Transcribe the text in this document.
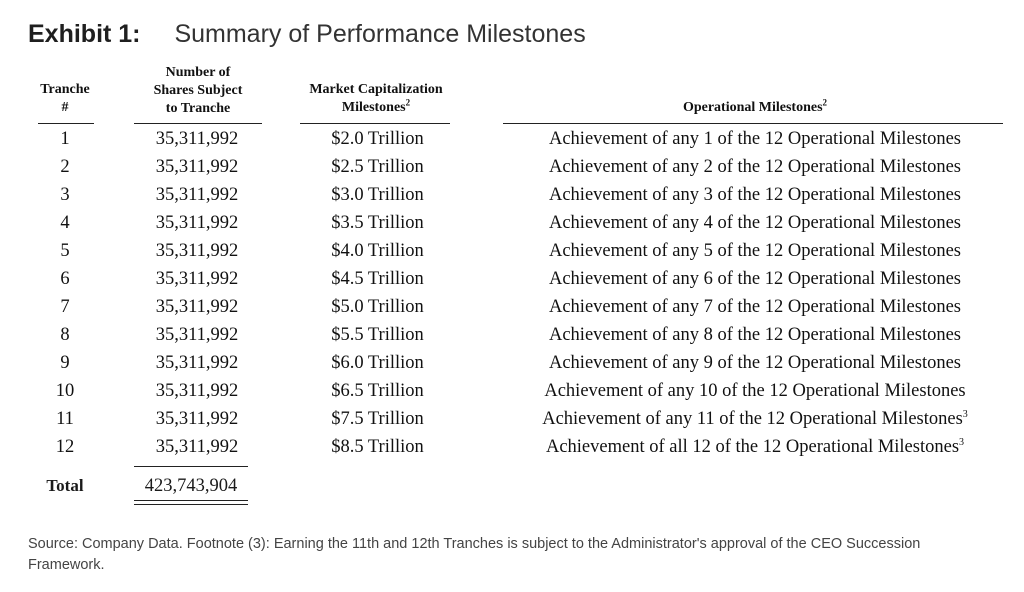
Exhibit 1: Summary of Performance Milestones
Tranche
#
Number of
Shares Subject
to Tranche
Market Capitalization
Milestones$^2$	Operational Milestones$^2$
1	35,311,992	$2.0 Trillion	Achievement of any 1 of the 12 Operational Milestones
2	35,311,992	$2.5 Trillion	Achievement of any 2 of the 12 Operational Milestones
3	35,311,992	$3.0 Trillion	Achievement of any 3 of the 12 Operational Milestones
4	35,311,992	$3.5 Trillion	Achievement of any 4 of the 12 Operational Milestones
5	35,311,992	$4.0 Trillion	Achievement of any 5 of the 12 Operational Milestones
6	35,311,992	$4.5 Trillion	Achievement of any 6 of the 12 Operational Milestones
7	35,311,992	$5.0 Trillion	Achievement of any 7 of the 12 Operational Milestones
8	35,311,992	$5.5 Trillion	Achievement of any 8 of the 12 Operational Milestones
9	35,311,992	$6.0 Trillion	Achievement of any 9 of the 12 Operational Milestones
10	35,311,992	$6.5 Trillion	Achievement of any 10 of the 12 Operational Milestones
11	35,311,992	$7.5 Trillion	Achievement of any 11 of the 12 Operational Milestones$^3$
12	35,311,992	$8.5 Trillion	Achievement of all 12 of the 12 Operational Milestones$^3$
Total	423,743,904
Source: Company Data. Footnote (3): Earning the 11th and 12th Tranches is subject to the Administrator's approval of the CEO Succession Framework.
